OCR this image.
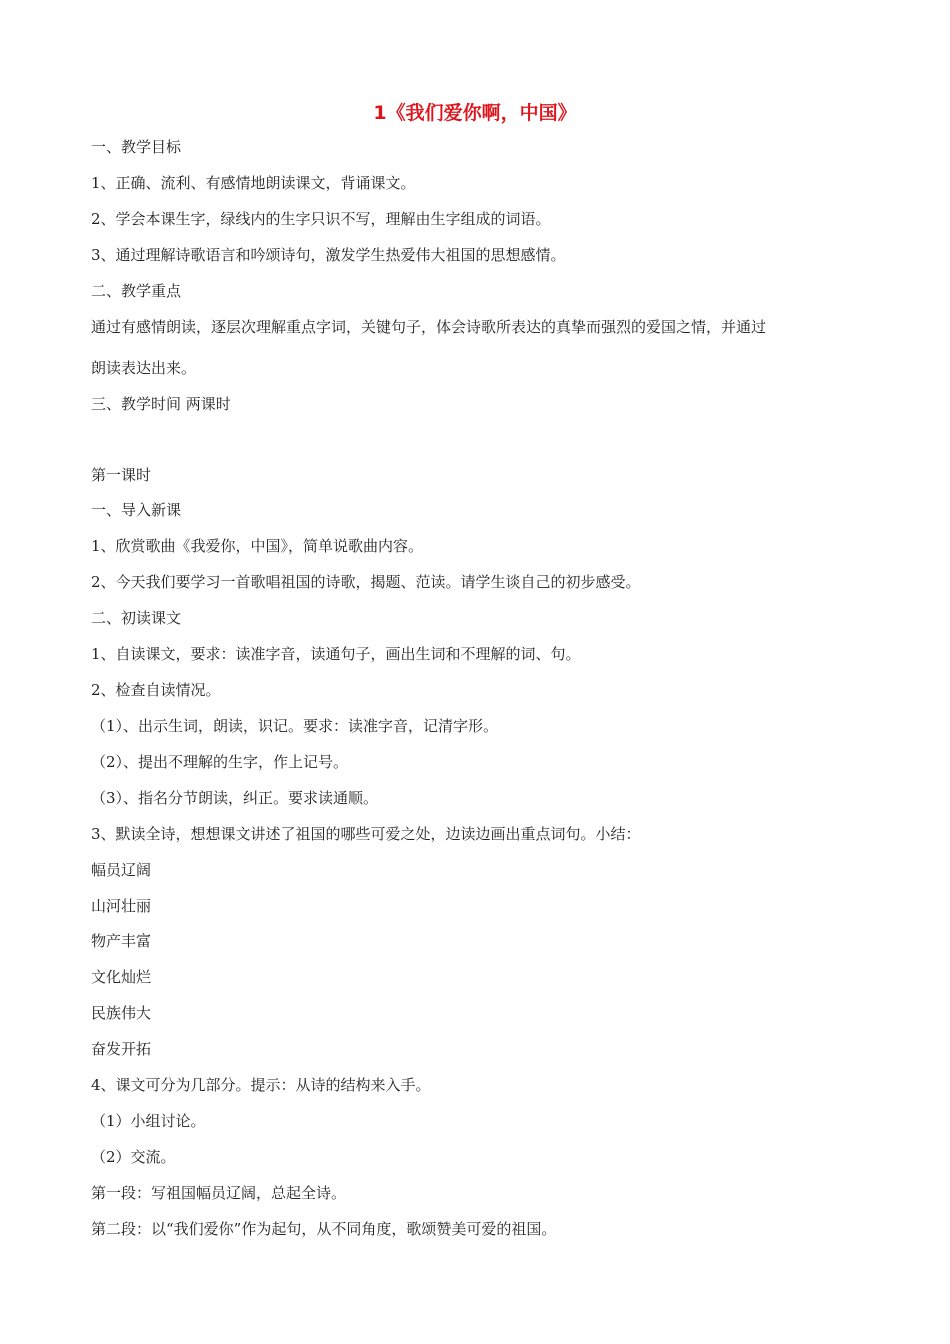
1《我们爱你啊，中国》
一、教学目标
1、正确、流利、有感情地朗读课文，背诵课文。
2、学会本课生字，绿线内的生字只识不写，理解由生字组成的词语。
3、通过理解诗歌语言和吟颂诗句，激发学生热爱伟大祖国的思想感情。
二、教学重点
通过有感情朗读，逐层次理解重点字词，关键句子，体会诗歌所表达的真挚而强烈的爱国之情，并通过
朗读表达出来。
三、教学时间 两课时
第一课时
一、导入新课
1、欣赏歌曲《我爱你，中国》，简单说歌曲内容。
2、今天我们要学习一首歌唱祖国的诗歌，揭题、范读。请学生谈自己的初步感受。
二、初读课文
1、自读课文，要求：读准字音，读通句子，画出生词和不理解的词、句。
2、检查自读情况。
（1）、出示生词，朗读，识记。要求：读准字音，记清字形。
（2）、提出不理解的生字，作上记号。
（3）、指名分节朗读，纠正。要求读通顺。
3、默读全诗，想想课文讲述了祖国的哪些可爱之处，边读边画出重点词句。小结：
幅员辽阔
山河壮丽
物产丰富
文化灿烂
民族伟大
奋发开拓
4、课文可分为几部分。提示：从诗的结构来入手。
（1）小组讨论。
（2）交流。
第一段：写祖国幅员辽阔，总起全诗。
第二段：以“我们爱你”作为起句，从不同角度，歌颂赞美可爱的祖国。
